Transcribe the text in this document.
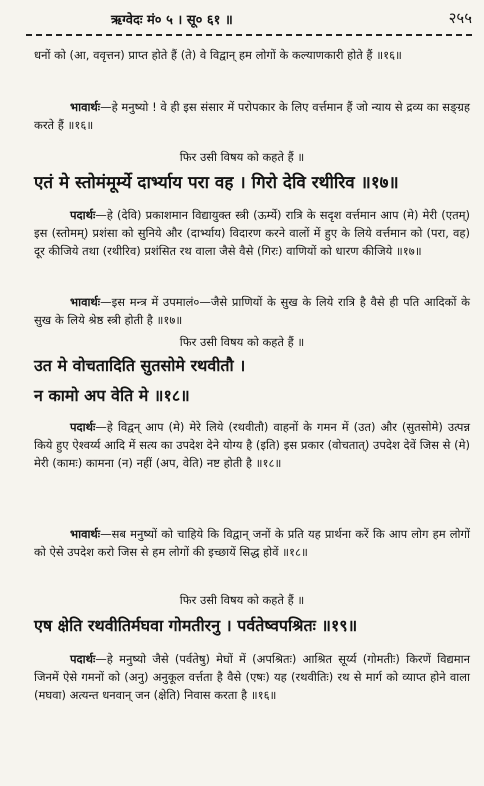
ऋग्वेदः मं० ५ । सू० ६१ ॥	२५५
धनों को (आ, ववृत्तन) प्राप्त होते हैं (ते) वे विद्वान् हम लोगों के कल्याणकारी होते हैं ॥१६॥
भावार्थः—हे मनुष्यो ! वे ही इस संसार में परोपकार के लिए वर्त्तमान हैं जो न्याय से द्रव्य का सङ्ग्रह करते हैं ॥१६॥
फिर उसी विषय को कहते हैं ॥
एतं मे स्तोमंमूर्म्ये दार्भ्याय परा वह । गिरो देवि रथीरिव ॥१७॥
पदार्थः—हे (देवि) प्रकाशमान विद्यायुक्त स्त्री (ऊर्म्ये) रात्रि के सदृश वर्त्तमान आप (मे) मेरी (एतम्) इस (स्तोमम्) प्रशंसा को सुनिये और (दार्भ्याय) विदारण करने वालों में हुए के लिये वर्त्तमान को (परा, वह) दूर कीजिये तथा (रथीरिव) प्रशंसित रथ वाला जैसे वैसे (गिरः) वाणियों को धारण कीजिये ॥१७॥
भावार्थः—इस मन्त्र में उपमालं०—जैसे प्राणियों के सुख के लिये रात्रि है वैसे ही पति आदिकों के सुख के लिये श्रेष्ठ स्त्री होती है ॥१७॥
फिर उसी विषय को कहते हैं ॥
उत मे वोचतादिति सुतसोमे रथवीतौ ।
न कामो अप वेति मे ॥१८॥
पदार्थः—हे विद्वन् आप (मे) मेरे लिये (रथवीतौ) वाहनों के गमन में (उत) और (सुतसोमे) उत्पन्न किये हुए ऐश्वर्य्य आदि में सत्य का उपदेश देने योग्य है (इति) इस प्रकार (वोचतात्) उपदेश देवें जिस से (मे) मेरी (कामः) कामना (न) नहीं (अप, वेति) नष्ट होती है ॥१८॥
भावार्थः—सब मनुष्यों को चाहिये कि विद्वान् जनों के प्रति यह प्रार्थना करें कि आप लोग हम लोगों को ऐसे उपदेश करो जिस से हम लोगों की इच्छायें सिद्ध होवें ॥१८॥
फिर उसी विषय को कहते हैं ॥
एष क्षेति रथवीतिर्मघवा गोमतीरनु । पर्वतेष्वपश्रितः ॥१९॥
पदार्थः—हे मनुष्यो जैसे (पर्वतेषु) मेघों में (अपश्रितः) आश्रित सूर्य्य (गोमतीः) किरणें विद्यमान जिनमें ऐसे गमनों को (अनु) अनुकूल वर्त्तता है वैसे (एषः) यह (रथवीतिः) रथ से मार्ग को व्याप्त होने वाला (मघवा) अत्यन्त धनवान् जन (क्षेति) निवास करता है ॥१६॥
